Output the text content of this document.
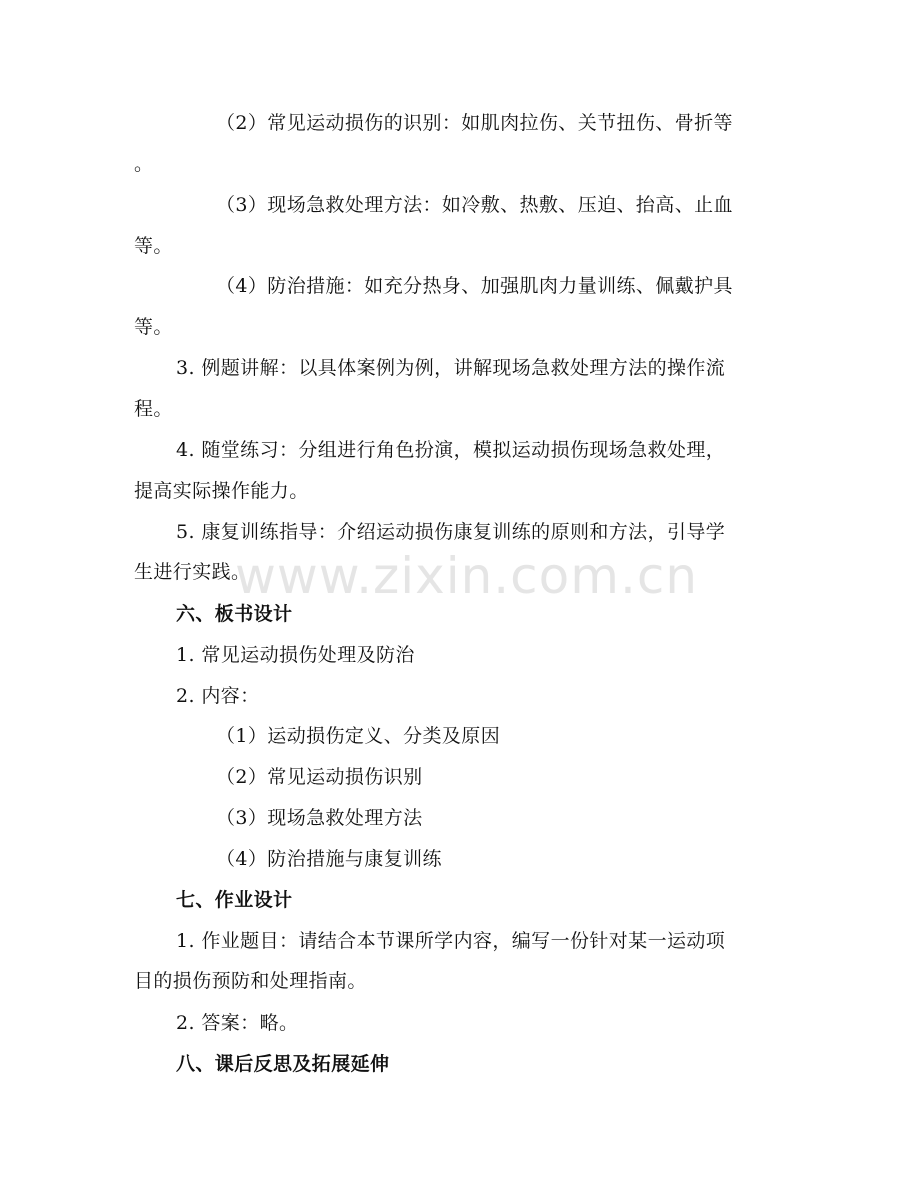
（2）常见运动损伤的识别：如肌肉拉伤、关节扭伤、骨折等
。
（3）现场急救处理方法：如冷敷、热敷、压迫、抬高、止血
等。
（4）防治措施：如充分热身、加强肌肉力量训练、佩戴护具
等。
3. 例题讲解：以具体案例为例，讲解现场急救处理方法的操作流
程。
4. 随堂练习：分组进行角色扮演，模拟运动损伤现场急救处理，
提高实际操作能力。
5. 康复训练指导：介绍运动损伤康复训练的原则和方法，引导学
生进行实践。
六、板书设计
1. 常见运动损伤处理及防治
2. 内容：
（1）运动损伤定义、分类及原因
（2）常见运动损伤识别
（3）现场急救处理方法
（4）防治措施与康复训练
七、作业设计
1. 作业题目：请结合本节课所学内容，编写一份针对某一运动项
目的损伤预防和处理指南。
2. 答案：略。
八、课后反思及拓展延伸
www.zixin.com.cn
